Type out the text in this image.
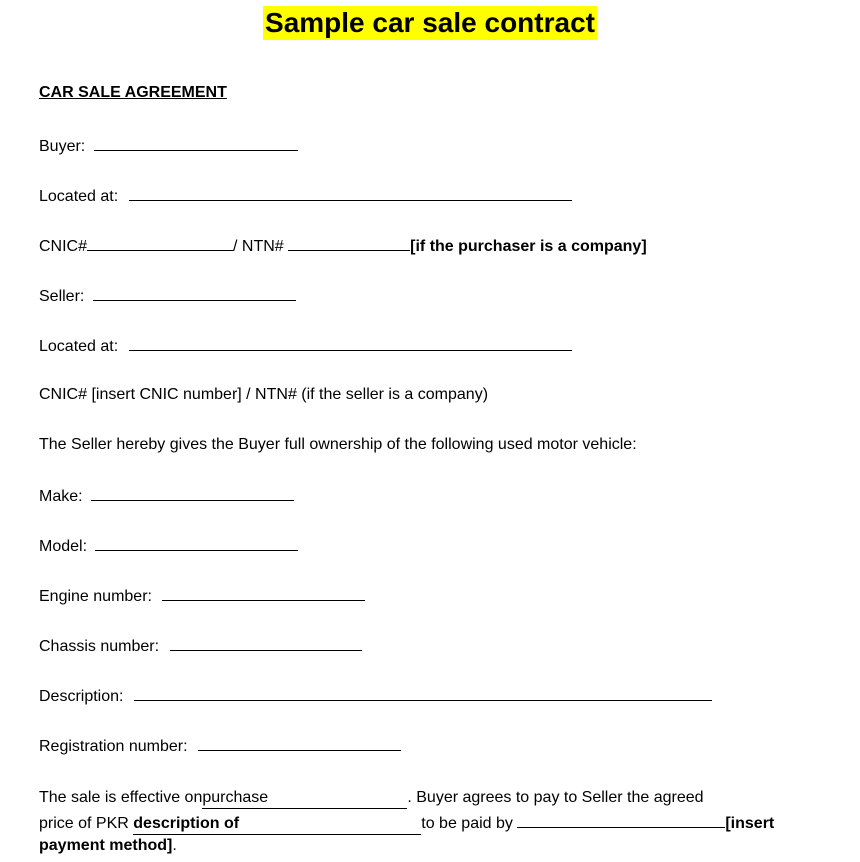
Sample car sale contract
CAR SALE AGREEMENT
Buyer:
Located at:
CNIC#	/ NTN#	[if the purchaser is a company]
Seller:
Located at:
CNIC# [insert CNIC number] / NTN# (if the seller is a company)
The Seller hereby gives the Buyer full ownership of the following used motor vehicle:
Make:
Model:
Engine number:
Chassis number:
Description:
Registration number:
The sale is effective onpurchase	. Buyer agrees to pay to Seller the agreed
price of PKR description of	to be paid by	[insert
payment method].
